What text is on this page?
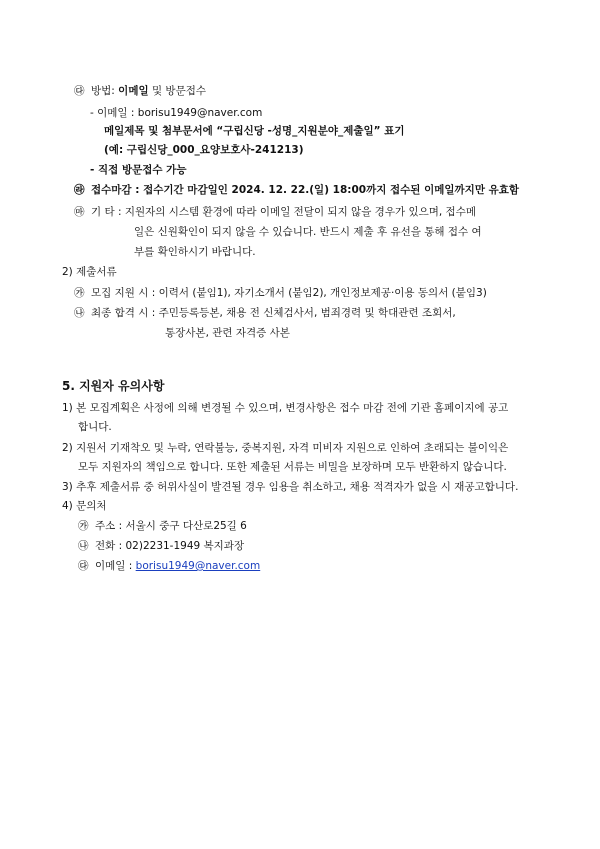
㉰ 방법: 이메일 및 방문접수
- 이메일 : borisu1949@naver.com
메일제목 및 첨부문서에 “구립신당 -성명_지원분야_제출일” 표기
(예: 구립신당_000_요양보호사-241213)
- 직접 방문접수 가능
㉱ 접수마감 : 접수기간 마감일인 2024. 12. 22.(일) 18:00까지 접수된 이메일까지만 유효함
㉲ 기 타 : 지원자의 시스템 환경에 따라 이메일 전달이 되지 않을 경우가 있으며, 접수메
일은 신원확인이 되지 않을 수 있습니다. 반드시 제출 후 유선을 통해 접수 여
부를 확인하시기 바랍니다.
2) 제출서류
㉮ 모집 지원 시 : 이력서 (붙임1), 자기소개서 (붙임2), 개인정보제공·이용 동의서 (붙임3)
㉯ 최종 합격 시 : 주민등록등본, 채용 전 신체검사서, 범죄경력 및 학대관련 조회서,
통장사본, 관련 자격증 사본
5. 지원자 유의사항
1) 본 모집계획은 사정에 의해 변경될 수 있으며, 변경사항은 접수 마감 전에 기관 홈페이지에 공고
합니다.
2) 지원서 기재착오 및 누락, 연락불능, 중복지원, 자격 미비자 지원으로 인하여 초래되는 불이익은
모두 지원자의 책임으로 합니다. 또한 제출된 서류는 비밀을 보장하며 모두 반환하지 않습니다.
3) 추후 제출서류 중 허위사실이 발견될 경우 임용을 취소하고, 채용 적격자가 없을 시 재공고합니다.
4) 문의처
㉮ 주소 : 서울시 중구 다산로25길 6
㉯ 전화 : 02)2231-1949 복지과장
㉰ 이메일 : borisu1949@naver.com
